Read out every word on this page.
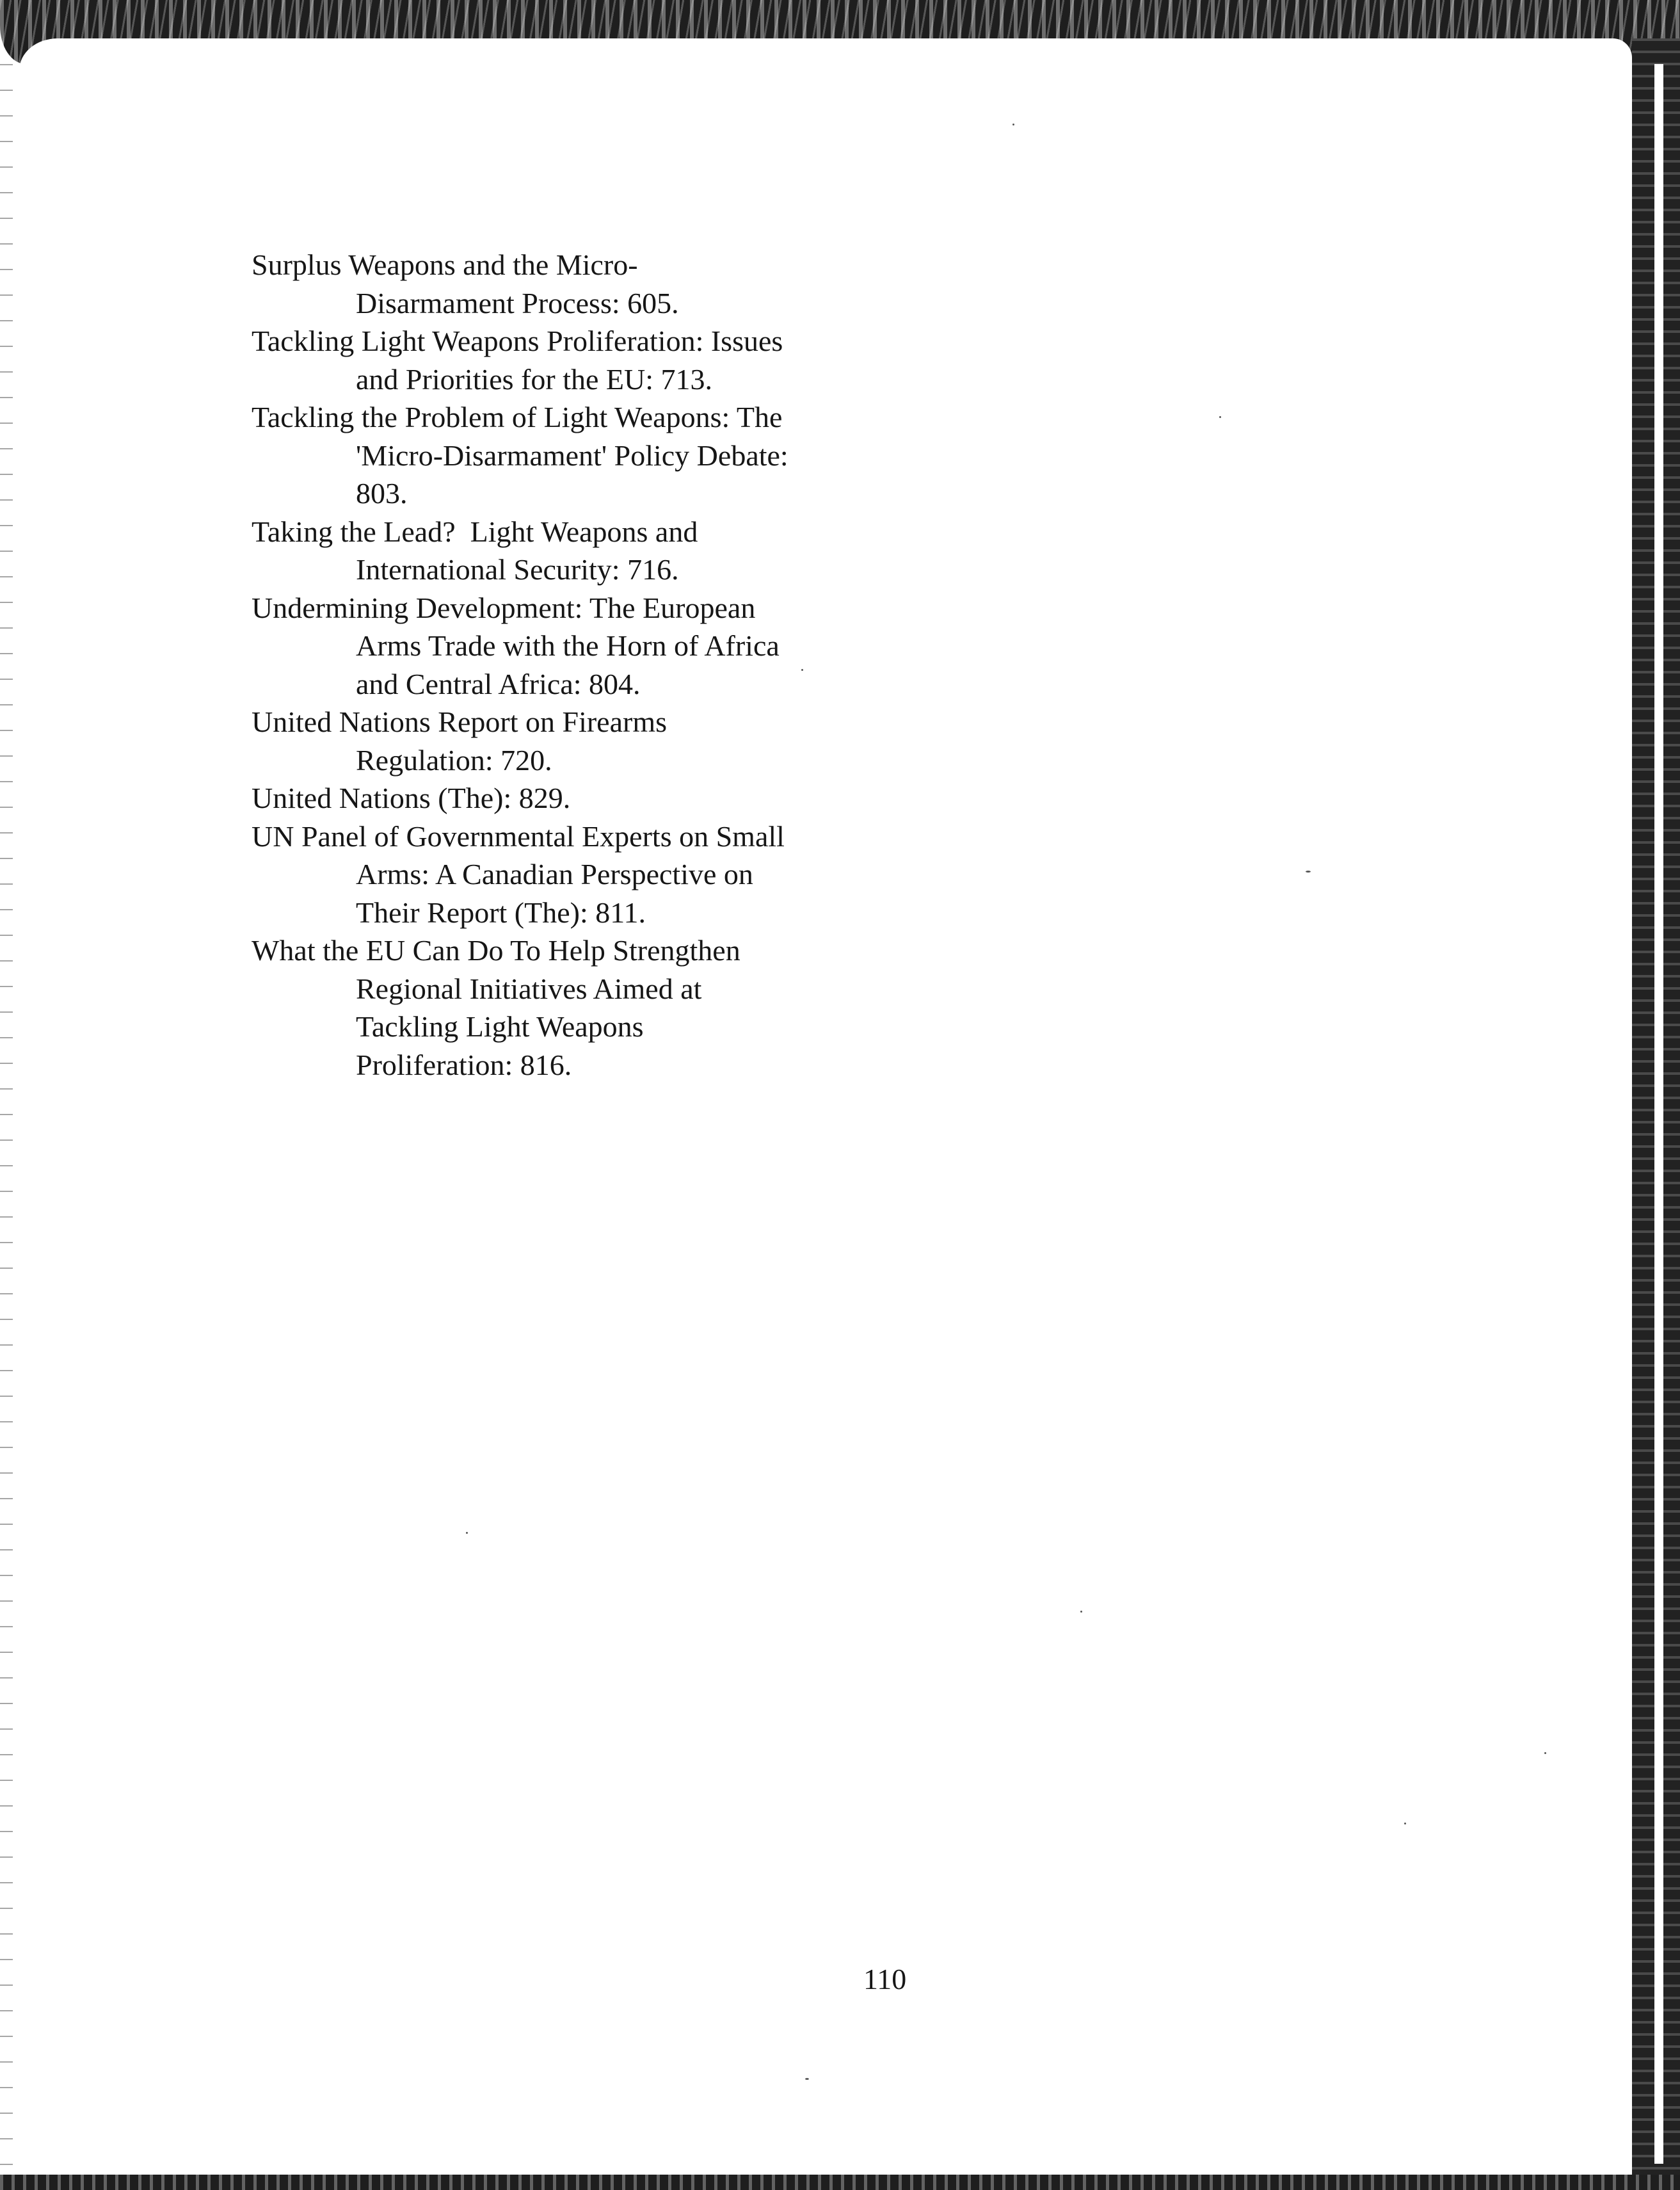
Surplus Weapons and the Micro-
Disarmament Process: 605.
Tackling Light Weapons Proliferation: Issues
and Priorities for the EU: 713.
Tackling the Problem of Light Weapons: The
'Micro-Disarmament' Policy Debate:
803.
Taking the Lead?  Light Weapons and
International Security: 716.
Undermining Development: The European
Arms Trade with the Horn of Africa
and Central Africa: 804.
United Nations Report on Firearms
Regulation: 720.
United Nations (The): 829.
UN Panel of Governmental Experts on Small
Arms: A Canadian Perspective on
Their Report (The): 811.
What the EU Can Do To Help Strengthen
Regional Initiatives Aimed at
Tackling Light Weapons
Proliferation: 816.
110
